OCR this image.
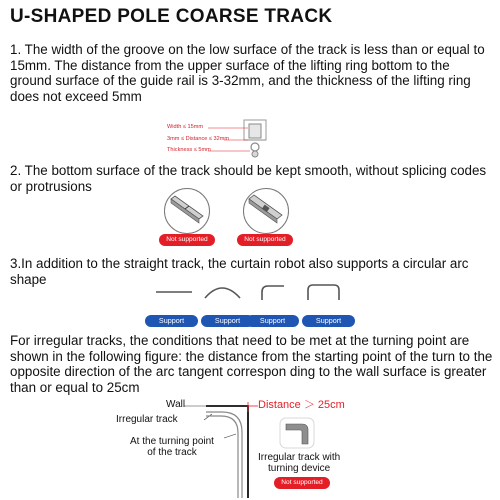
U-SHAPED POLE COARSE TRACK
1. The width of the groove on the low surface of the track is less than or equal to 15mm. The distance from the upper surface of the lifting ring bottom to the ground surface of the guide rail is 3-32mm, and the thickness of the lifting ring does not exceed 5mm
Width ≤ 15mm
3mm ≤ Distance ≤ 32mm
Thickness ≤ 5mm
2. The bottom surface of the track should be kept smooth, without splicing codes or protrusions
Not supported	Not supported
3.In addition to the straight track, the curtain robot also supports a circular arc shape
Support	Support	Support	Support
For irregular tracks, the conditions that need to be met at the turning point are shown in the following figure: the distance from the starting point of the turn to the opposite direction of the arc tangent correspon ding to the wall surface is greater than or equal to 25cm
Wall
Irregular track
At the turning point
of the track
Distance ＞ 25cm
Irregular track with
turning device
Not supported
